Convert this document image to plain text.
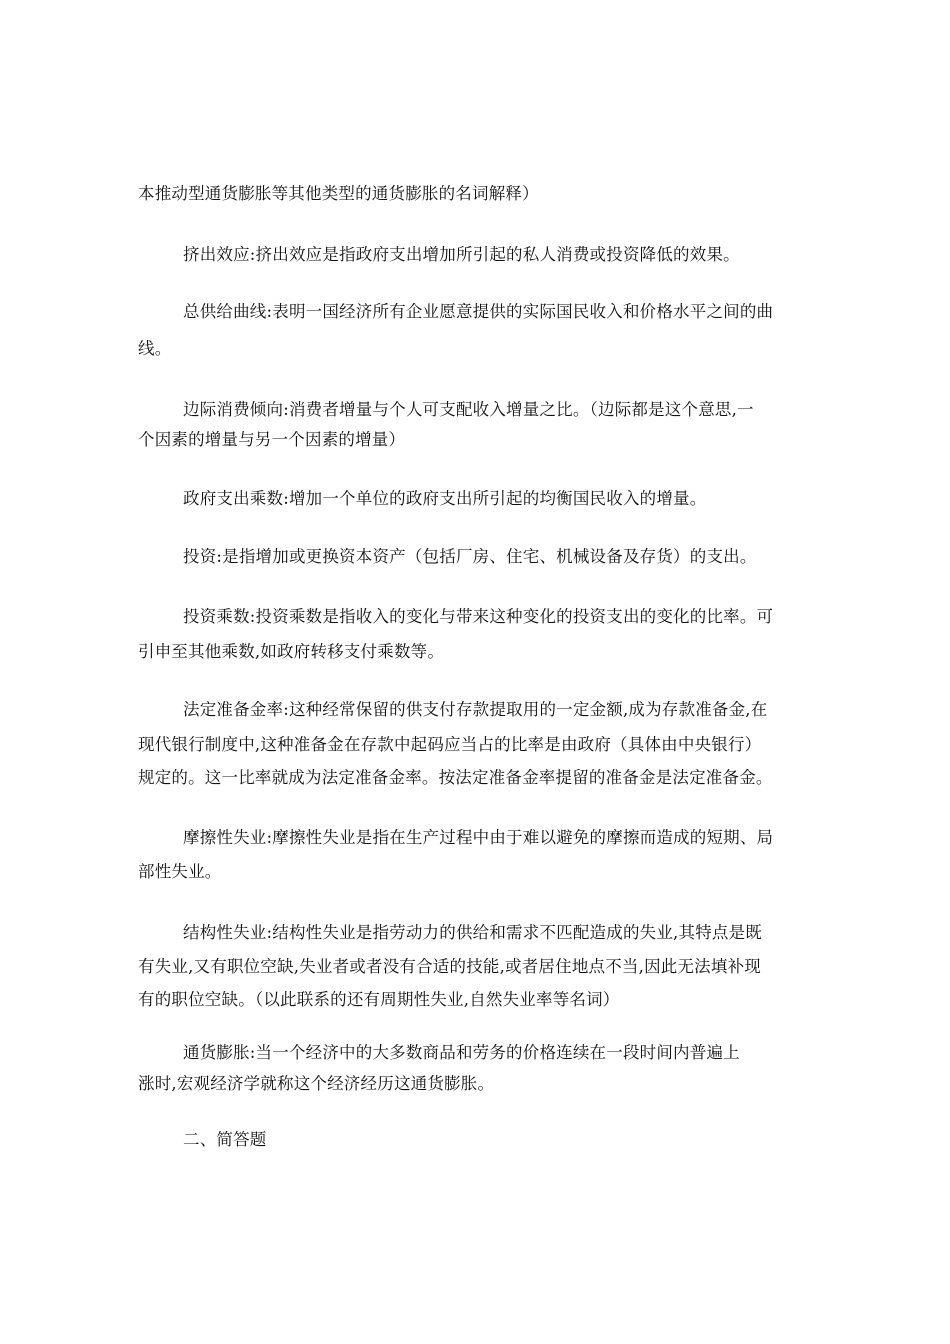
本推动型通货膨胀等其他类型的通货膨胀的名词解释）
挤出效应:挤出效应是指政府支出增加所引起的私人消费或投资降低的效果。
总供给曲线:表明一国经济所有企业愿意提供的实际国民收入和价格水平之间的曲
线。
边际消费倾向:消费者增量与个人可支配收入增量之比。（边际都是这个意思,一
个因素的增量与另一个因素的增量）
政府支出乘数:增加一个单位的政府支出所引起的均衡国民收入的增量。
投资:是指增加或更换资本资产（包括厂房、住宅、机械设备及存货）的支出。
投资乘数:投资乘数是指收入的变化与带来这种变化的投资支出的变化的比率。可
引申至其他乘数,如政府转移支付乘数等。
法定准备金率:这种经常保留的供支付存款提取用的一定金额,成为存款准备金,在
现代银行制度中,这种准备金在存款中起码应当占的比率是由政府（具体由中央银行）
规定的。这一比率就成为法定准备金率。按法定准备金率提留的准备金是法定准备金。
摩擦性失业:摩擦性失业是指在生产过程中由于难以避免的摩擦而造成的短期、局
部性失业。
结构性失业:结构性失业是指劳动力的供给和需求不匹配造成的失业,其特点是既
有失业,又有职位空缺,失业者或者没有合适的技能,或者居住地点不当,因此无法填补现
有的职位空缺。（以此联系的还有周期性失业,自然失业率等名词）
通货膨胀:当一个经济中的大多数商品和劳务的价格连续在一段时间内普遍上
涨时,宏观经济学就称这个经济经历这通货膨胀。
二、简答题
